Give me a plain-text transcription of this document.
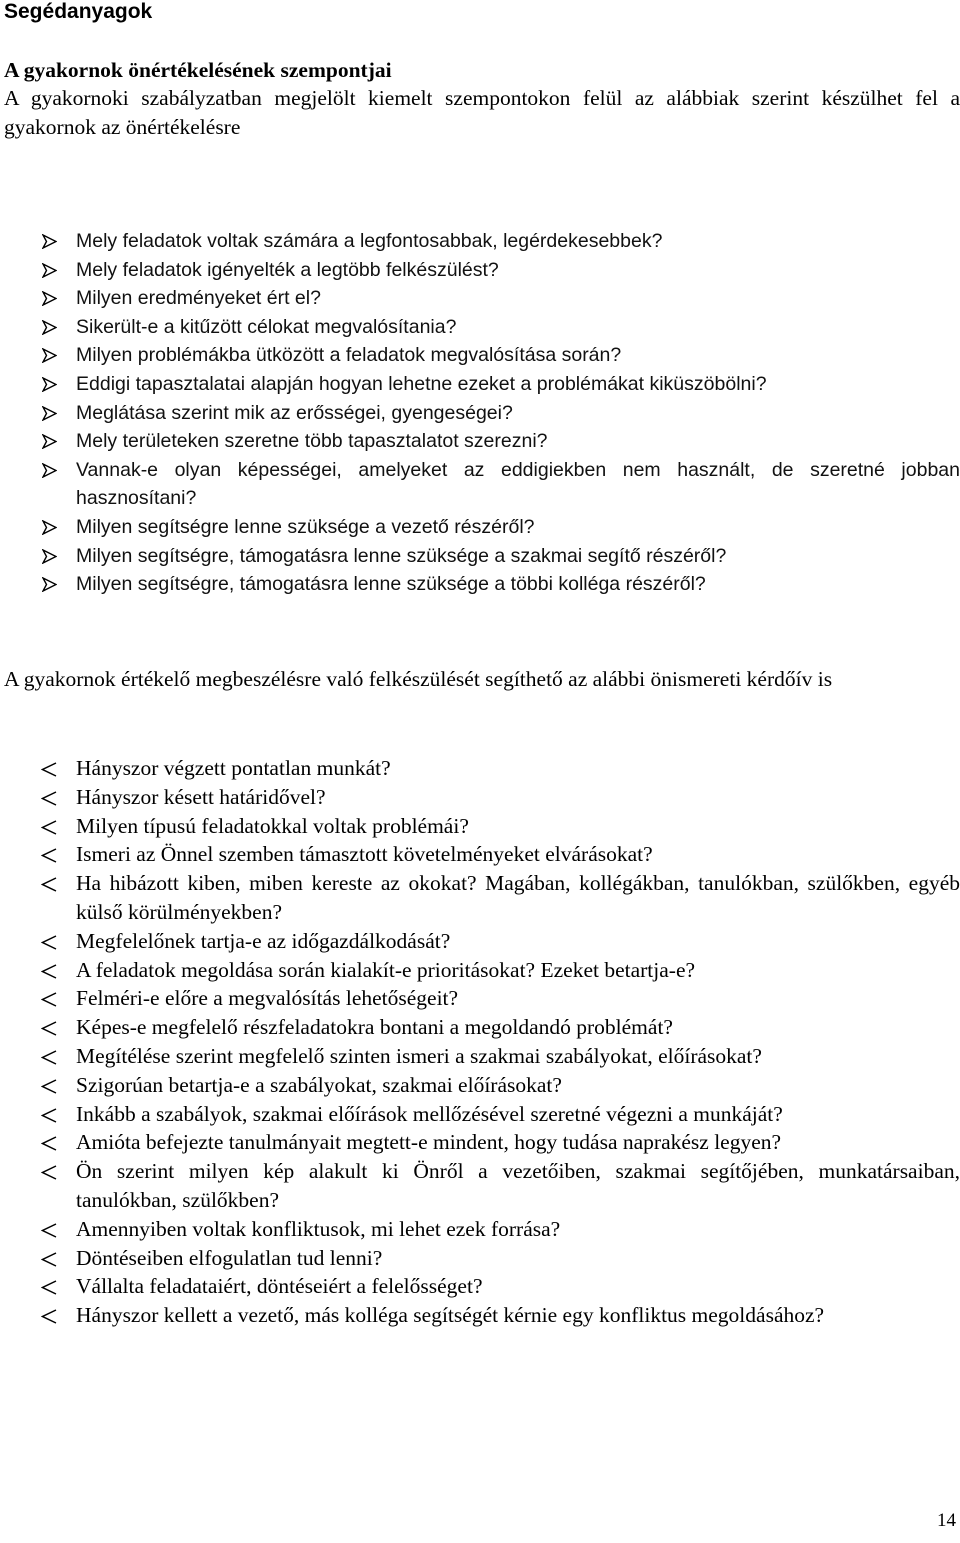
Segédanyagok
A gyakornok önértékelésének szempontjai
A gyakornoki szabályzatban megjelölt kiemelt szempontokon felül az alábbiak szerint készülhet fel a gyakornok az önértékelésre
Mely feladatok voltak számára a legfontosabbak, legérdekesebbek?
Mely feladatok igényelték a legtöbb felkészülést?
Milyen eredményeket ért el?
Sikerült-e a kitűzött célokat megvalósítania?
Milyen problémákba ütközött a feladatok megvalósítása során?
Eddigi tapasztalatai alapján hogyan lehetne ezeket a problémákat kiküszöbölni?
Meglátása szerint mik az erősségei, gyengeségei?
Mely területeken szeretne több tapasztalatot szerezni?
Vannak-e olyan képességei, amelyeket az eddigiekben nem használt, de szeretné jobban hasznosítani?
Milyen segítségre lenne szüksége a vezető részéről?
Milyen segítségre, támogatásra lenne szüksége a szakmai segítő részéről?
Milyen segítségre, támogatásra lenne szüksége a többi kolléga részéről?
A gyakornok értékelő megbeszélésre való felkészülését segíthető az alábbi önismereti kérdőív is
Hányszor végzett pontatlan munkát?
Hányszor késett határidővel?
Milyen típusú feladatokkal voltak problémái?
Ismeri az Önnel szemben támasztott követelményeket elvárásokat?
Ha hibázott kiben, miben kereste az okokat? Magában, kollégákban, tanulókban, szülőkben, egyéb külső körülményekben?
Megfelelőnek tartja-e az időgazdálkodását?
A feladatok megoldása során kialakít-e prioritásokat? Ezeket betartja-e?
Felméri-e előre a megvalósítás lehetőségeit?
Képes-e megfelelő részfeladatokra bontani a megoldandó problémát?
Megítélése szerint megfelelő szinten ismeri a szakmai szabályokat, előírásokat?
Szigorúan betartja-e a szabályokat, szakmai előírásokat?
Inkább a szabályok, szakmai előírások mellőzésével szeretné végezni a munkáját?
Amióta befejezte tanulmányait megtett-e mindent, hogy tudása naprakész legyen?
Ön szerint milyen kép alakult ki Önről a vezetőiben, szakmai segítőjében, munkatársaiban, tanulókban, szülőkben?
Amennyiben voltak konfliktusok, mi lehet ezek forrása?
Döntéseiben elfogulatlan tud lenni?
Vállalta feladataiért, döntéseiért a felelősséget?
Hányszor kellett a vezető, más kolléga segítségét kérnie egy konfliktus megoldásához?
14
